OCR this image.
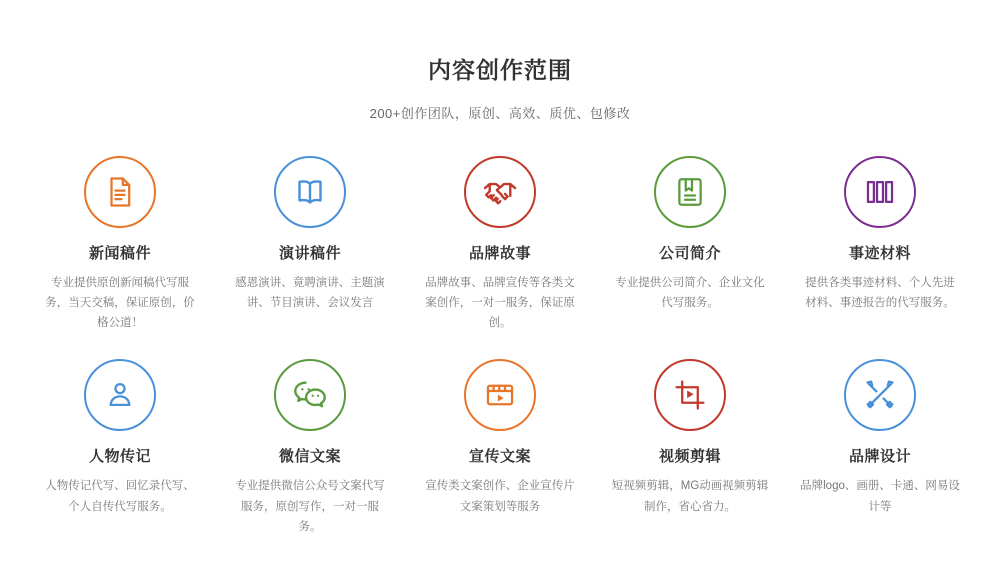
内容创作范围

200+创作团队，原创、高效、质优、包修改

新闻稿件
专业提供原创新闻稿代写服务，当天交稿，保证原创，价格公道！
演讲稿件
感恩演讲、竟聘演讲、主题演讲、节目演讲、会议发言
品牌故事
品牌故事、品牌宣传等各类文案创作，一对一服务，保证原创。
公司简介
专业提供公司简介、企业文化代写服务。
事迹材料
提供各类事迹材料、个人先进材料、事迹报告的代写服务。
人物传记
人物传记代写、回忆录代写、个人自传代写服务。
微信文案
专业提供微信公众号文案代写服务，原创写作，一对一服务。
宣传文案
宣传类文案创作、企业宣传片文案策划等服务
视频剪辑
短视频剪辑，MG动画视频剪辑制作，省心省力。
品牌设计
品牌logo、画册、卡通、网易设计等
